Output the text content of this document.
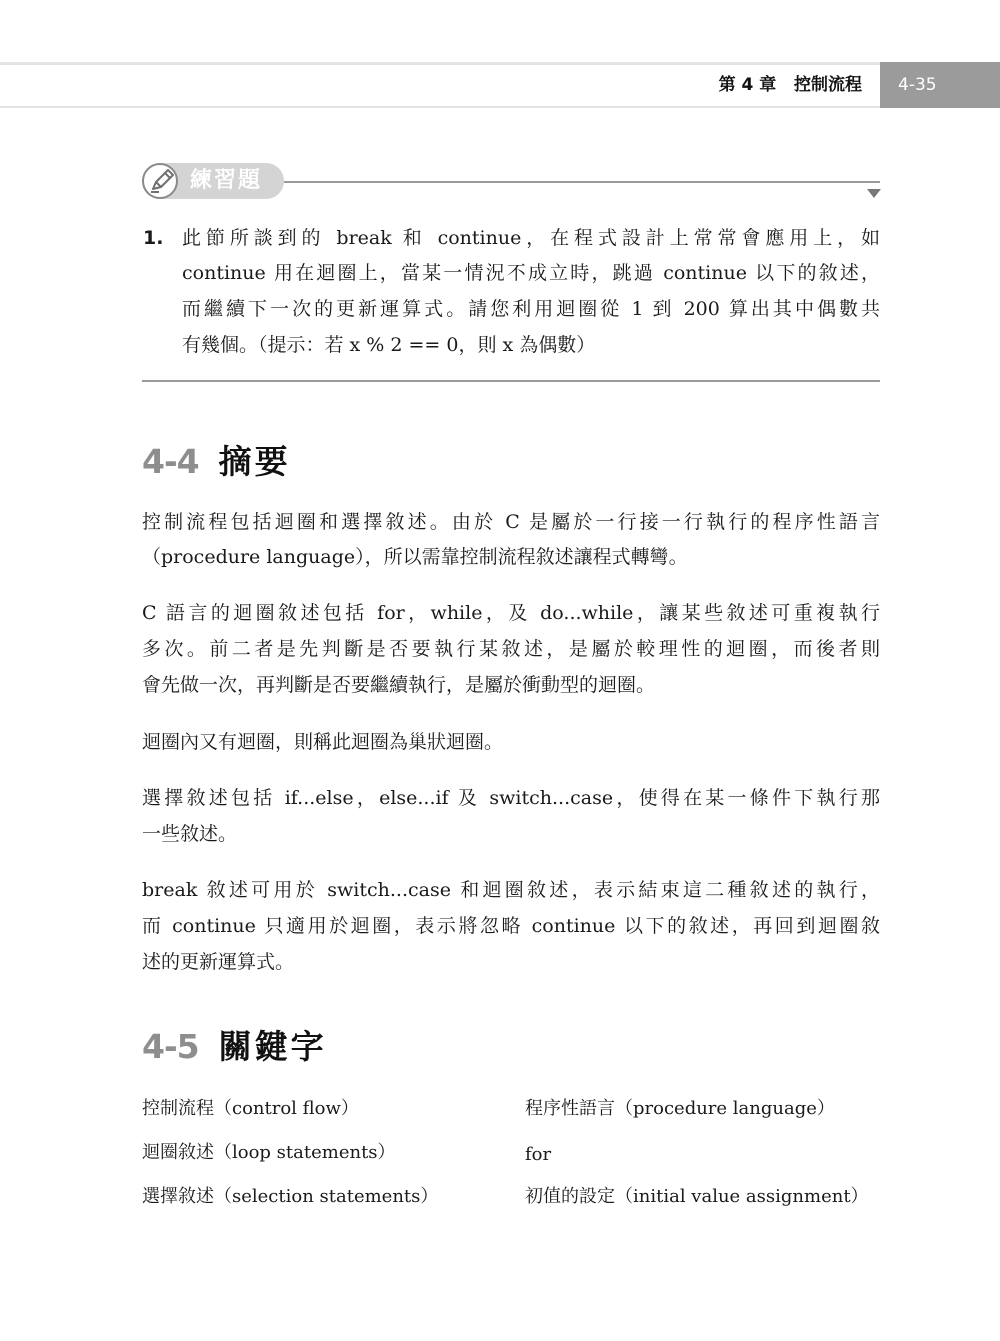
第 4 章   控制流程	4-35
練習題
1. 此節所談到的 break 和 continue，在程式設計上常常會應用上，如
continue 用在迴圈上，當某一情況不成立時，跳過 continue 以下的敘述，
而繼續下一次的更新運算式。請您利用迴圈從 1 到 200 算出其中偶數共
有幾個。（提示：若 x % 2 == 0，則 x 為偶數）
4-4 摘要
控制流程包括迴圈和選擇敘述。由於 C 是屬於一行接一行執行的程序性語言
（procedure language），所以需靠控制流程敘述讓程式轉彎。
C 語言的迴圈敘述包括 for，while，及 do...while，讓某些敘述可重複執行
多次。前二者是先判斷是否要執行某敘述，是屬於較理性的迴圈，而後者則
會先做一次，再判斷是否要繼續執行，是屬於衝動型的迴圈。
迴圈內又有迴圈，則稱此迴圈為巢狀迴圈。
選擇敘述包括 if...else，else...if 及 switch...case，使得在某一條件下執行那
一些敘述。
break 敘述可用於 switch...case 和迴圈敘述，表示結束這二種敘述的執行，
而 continue 只適用於迴圈，表示將忽略 continue 以下的敘述，再回到迴圈敘
述的更新運算式。
4-5 關鍵字
控制流程（control flow）
迴圈敘述（loop statements）
選擇敘述（selection statements）
程序性語言（procedure language）
for
初值的設定（initial value assignment）
